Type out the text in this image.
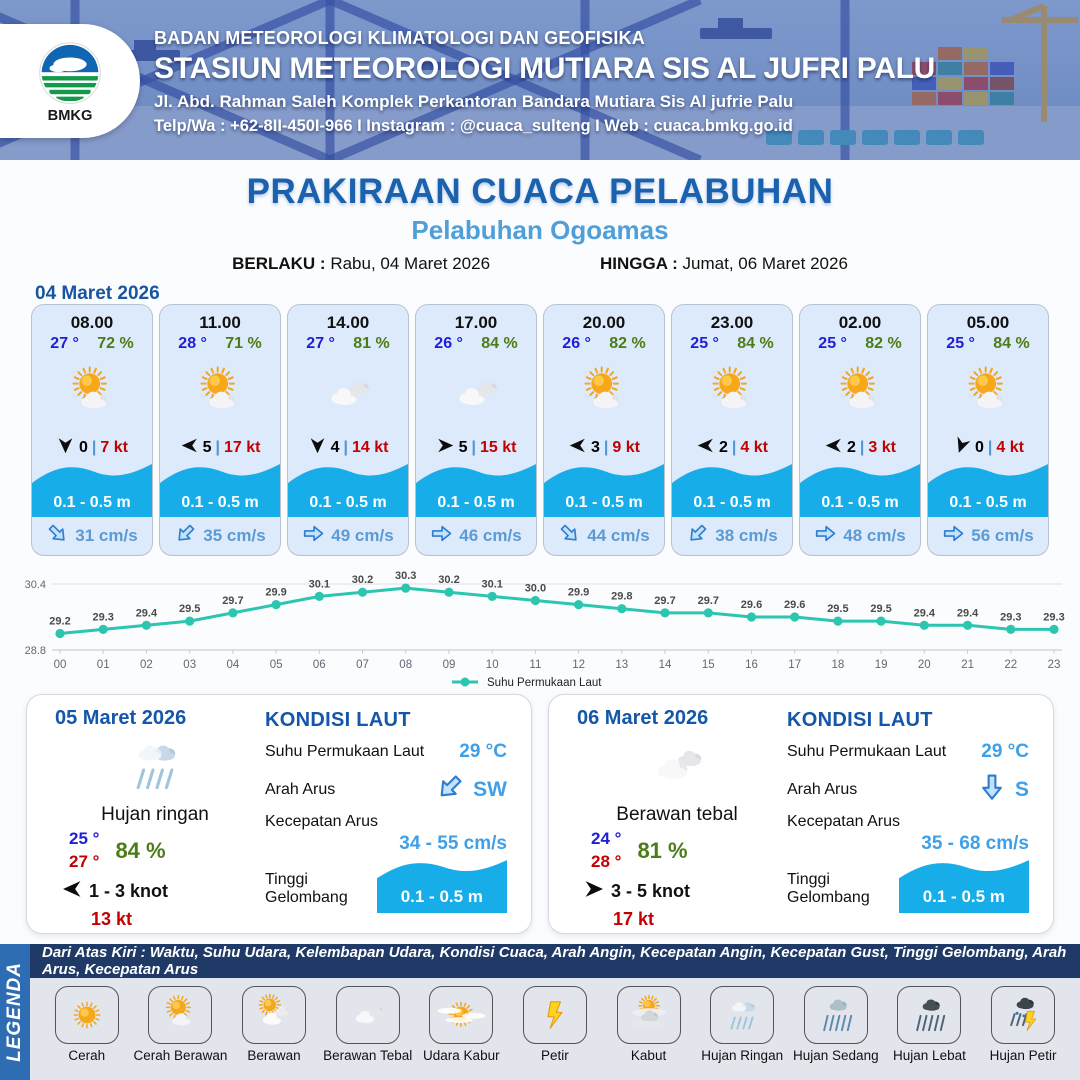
BMKG
BADAN METEOROLOGI KLIMATOLOGI DAN GEOFISIKA
STASIUN METEOROLOGI MUTIARA SIS AL JUFRI PALU
Jl. Abd. Rahman Saleh Komplek Perkantoran Bandara Mutiara Sis Al jufrie Palu
Telp/Wa : +62-8II-450I-966 I Instagram : @cuaca_sulteng I Web : cuaca.bmkg.go.id
PRAKIRAAN CUACA PELABUHAN
Pelabuhan Ogoamas
BERLAKU : Rabu, 04 Maret 2026	HINGGA : Jumat, 06 Maret 2026
04 Maret 2026
08.00
27 ° 72 %
0 | 7 kt
0.1 - 0.5 m
31 cm/s
11.00
28 ° 71 %
5 | 17 kt
0.1 - 0.5 m
35 cm/s
14.00
27 ° 81 %
4 | 14 kt
0.1 - 0.5 m
49 cm/s
17.00
26 ° 84 %
5 | 15 kt
0.1 - 0.5 m
46 cm/s
20.00
26 ° 82 %
3 | 9 kt
0.1 - 0.5 m
44 cm/s
23.00
25 ° 84 %
2 | 4 kt
0.1 - 0.5 m
38 cm/s
02.00
25 ° 82 %
2 | 3 kt
0.1 - 0.5 m
48 cm/s
05.00
25 ° 84 %
0 | 4 kt
0.1 - 0.5 m
56 cm/s
30.4
28.8
29.2
00
29.3
01
29.4
02
29.5
03
29.7
04
29.9
05
30.1
06
30.2
07
30.3
08
30.2
09
30.1
10
30.0
11
29.9
12
29.8
13
29.7
14
29.7
15
29.6
16
29.6
17
29.5
18
29.5
19
29.4
20
29.4
21
29.3
22
29.3
23
Suhu Permukaan Laut
05 Maret 2026
Hujan ringan
25 °
27 ° 84 %
1 - 3 knot
13 kt
KONDISI LAUT
Suhu Permukaan Laut 29 °C
Arah Arus	SW
Kecepatan Arus
34 - 55 cm/s
Tinggi Gelombang	0.1 - 0.5 m
06 Maret 2026
Berawan tebal
24 °
28 ° 81 %
3 - 5 knot
17 kt
KONDISI LAUT
Suhu Permukaan Laut 29 °C
Arah Arus	S
Kecepatan Arus
35 - 68 cm/s
Tinggi Gelombang	0.1 - 0.5 m
LEGENDA
Dari Atas Kiri : Waktu, Suhu Udara, Kelembapan Udara, Kondisi Cuaca, Arah Angin, Kecepatan Angin, Kecepatan Gust, Tinggi Gelombang, Arah Arus, Kecepatan Arus
Cerah Cerah Berawan Berawan Berawan Tebal Udara Kabur	Petir	Kabut	Hujan Ringan Hujan Sedang Hujan Lebat Hujan Petir
